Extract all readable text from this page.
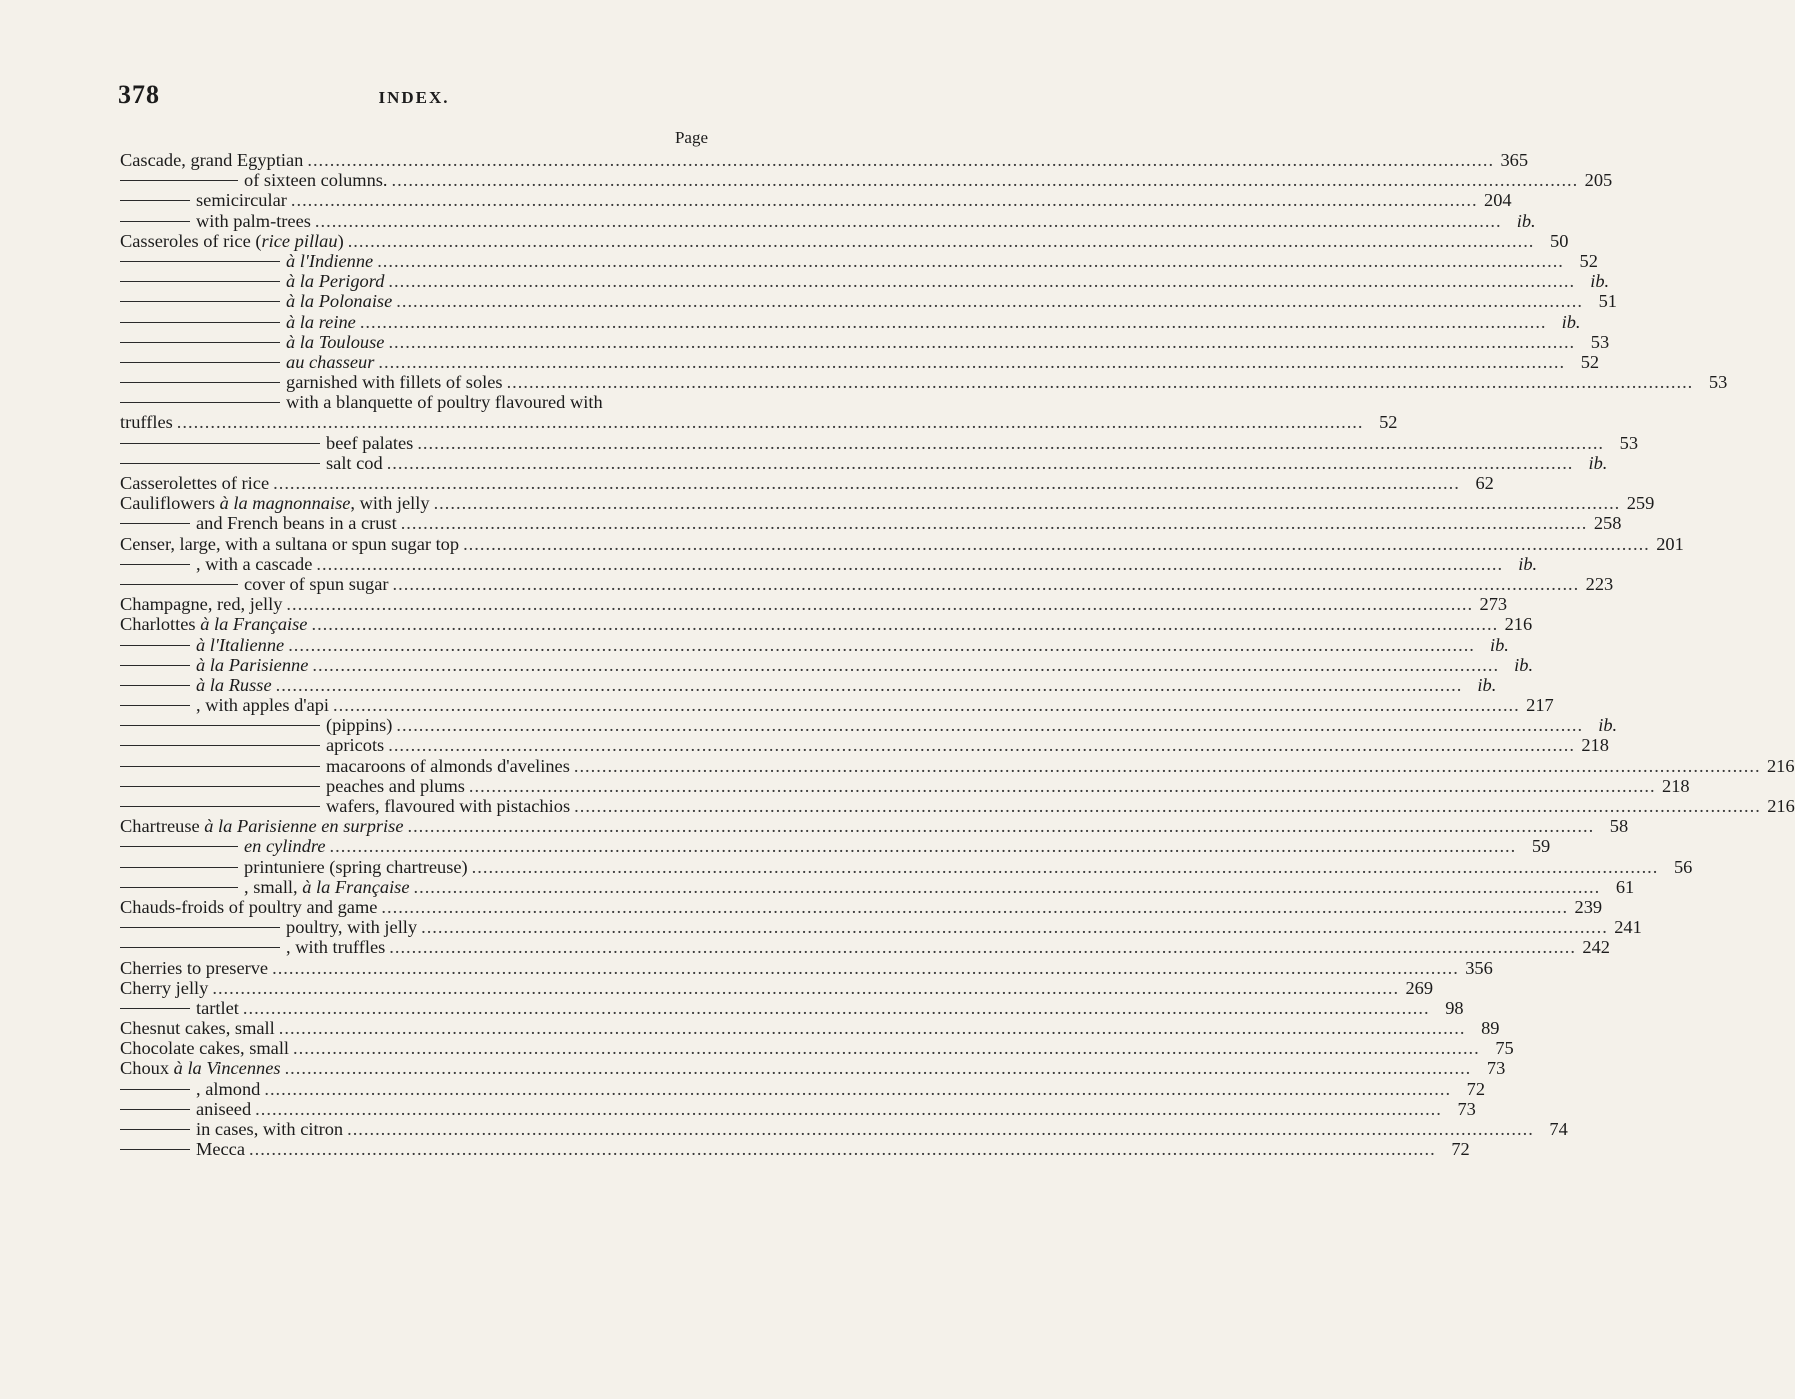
378	INDEX.
Page
Cascade, grand Egyptian .....	365
of sixteen columns. .....	205
semicircular .....	204
with palm-trees .....	ib.
Casseroles of rice (rice pillau) .....	50
à l'Indienne .....	52
à la Perigord .....	ib.
à la Polonaise .....	51
à la reine .....	ib.
à la Toulouse .....	53
au chasseur .....	52
garnished with fillets of soles .....	53
with a blanquette of poultry flavoured with
truffles .....	52
beef palates .....	53
salt cod .....	ib.
Casserolettes of rice .....	62
Cauliflowers à la magnonnaise, with jelly .....	259
and French beans in a crust .....	258
Censer, large, with a sultana or spun sugar top .....	201
, with a cascade .....	ib.
cover of spun sugar .....	223
Champagne, red, jelly .....	273
Charlottes à la Française .....	216
à l'Italienne .....	ib.
à la Parisienne .....	ib.
à la Russe .....	ib.
, with apples d'api .....	217
(pippins) .....	ib.
apricots .....	218
macaroons of almonds d'avelines .....	216
peaches and plums .....	218
wafers, flavoured with pistachios .....	216
Chartreuse à la Parisienne en surprise .....	58
en cylindre .....	59
printuniere (spring chartreuse) .....	56
, small, à la Française .....	61
Chauds-froids of poultry and game .....	239
poultry, with jelly .....	241
, with truffles .....	242
Cherries to preserve .....	356
Cherry jelly .....	269
tartlet .....	98
Chesnut cakes, small .....	89
Chocolate cakes, small .....	75
Choux à la Vincennes .....	73
, almond .....	72
aniseed .....	73
in cases, with citron .....	74
Mecca .....	72
